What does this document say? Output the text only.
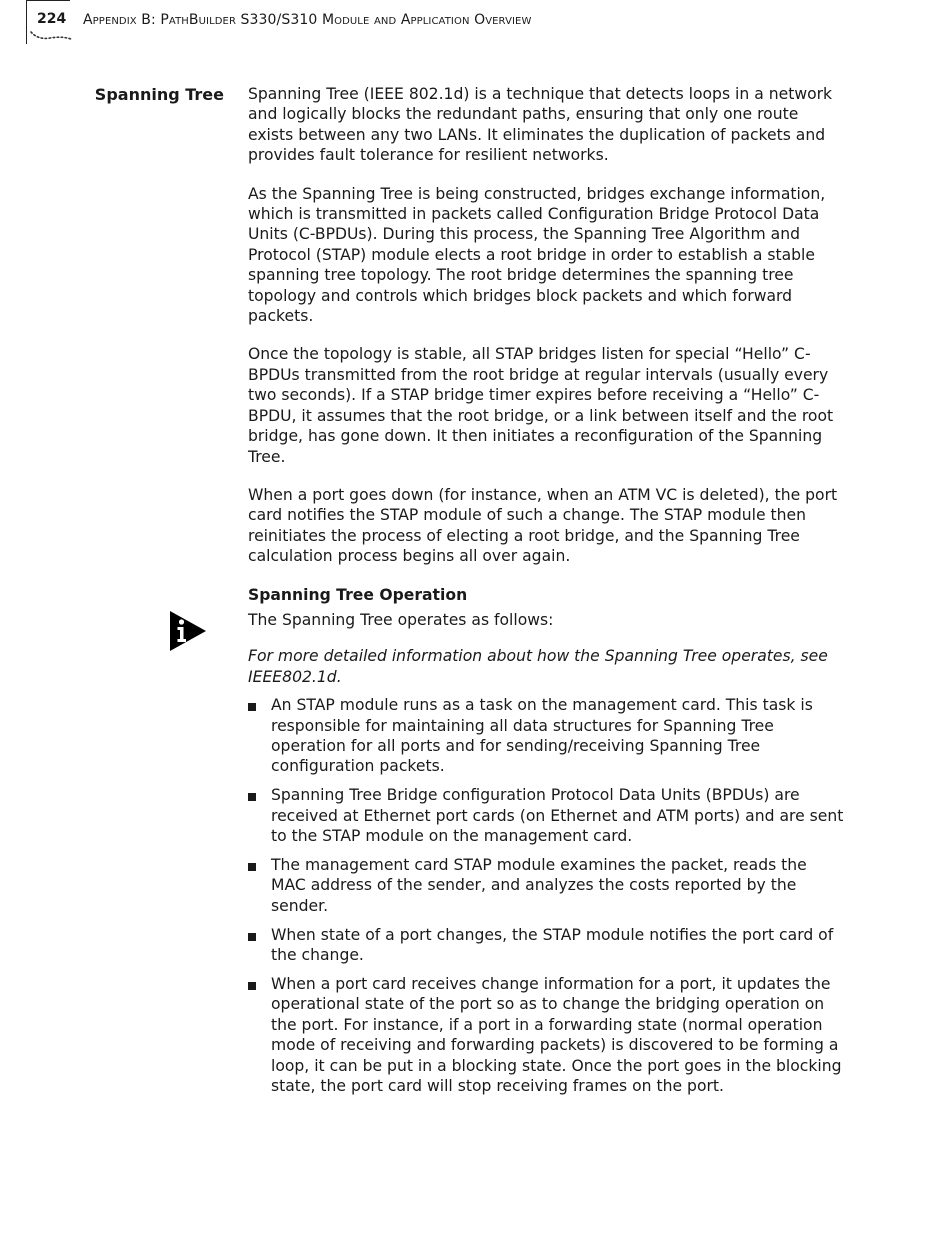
224 Appendix B: PathBuilder S330/S310 Module and Application Overview
Spanning Tree Spanning Tree (IEEE 802.1d) is a technique that detects loops in a network and logically blocks the redundant paths, ensuring that only one route exists between any two LANs. It eliminates the duplication of packets and provides fault tolerance for resilient networks.

As the Spanning Tree is being constructed, bridges exchange information, which is transmitted in packets called Configuration Bridge Protocol Data Units (C-BPDUs). During this process, the Spanning Tree Algorithm and Protocol (STAP) module elects a root bridge in order to establish a stable spanning tree topology. The root bridge determines the spanning tree topology and controls which bridges block packets and which forward packets.

Once the topology is stable, all STAP bridges listen for special “Hello” C-BPDUs transmitted from the root bridge at regular intervals (usually every two seconds). If a STAP bridge timer expires before receiving a “Hello” C-BPDU, it assumes that the root bridge, or a link between itself and the root bridge, has gone down. It then initiates a reconfiguration of the Spanning Tree.

When a port goes down (for instance, when an ATM VC is deleted), the port card notifies the STAP module of such a change. The STAP module then reinitiates the process of electing a root bridge, and the Spanning Tree calculation process begins all over again.

Spanning Tree Operation

The Spanning Tree operates as follows:

For more detailed information about how the Spanning Tree operates, see IEEE802.1d.

An STAP module runs as a task on the management card. This task is responsible for maintaining all data structures for Spanning Tree operation for all ports and for sending/receiving Spanning Tree configuration packets.
Spanning Tree Bridge configuration Protocol Data Units (BPDUs) are received at Ethernet port cards (on Ethernet and ATM ports) and are sent to the STAP module on the management card.
The management card STAP module examines the packet, reads the MAC address of the sender, and analyzes the costs reported by the sender.
When state of a port changes, the STAP module notifies the port card of the change.
When a port card receives change information for a port, it updates the operational state of the port so as to change the bridging operation on the port. For instance, if a port in a forwarding state (normal operation mode of receiving and forwarding packets) is discovered to be forming a loop, it can be put in a blocking state. Once the port goes in the blocking state, the port card will stop receiving frames on the port.
